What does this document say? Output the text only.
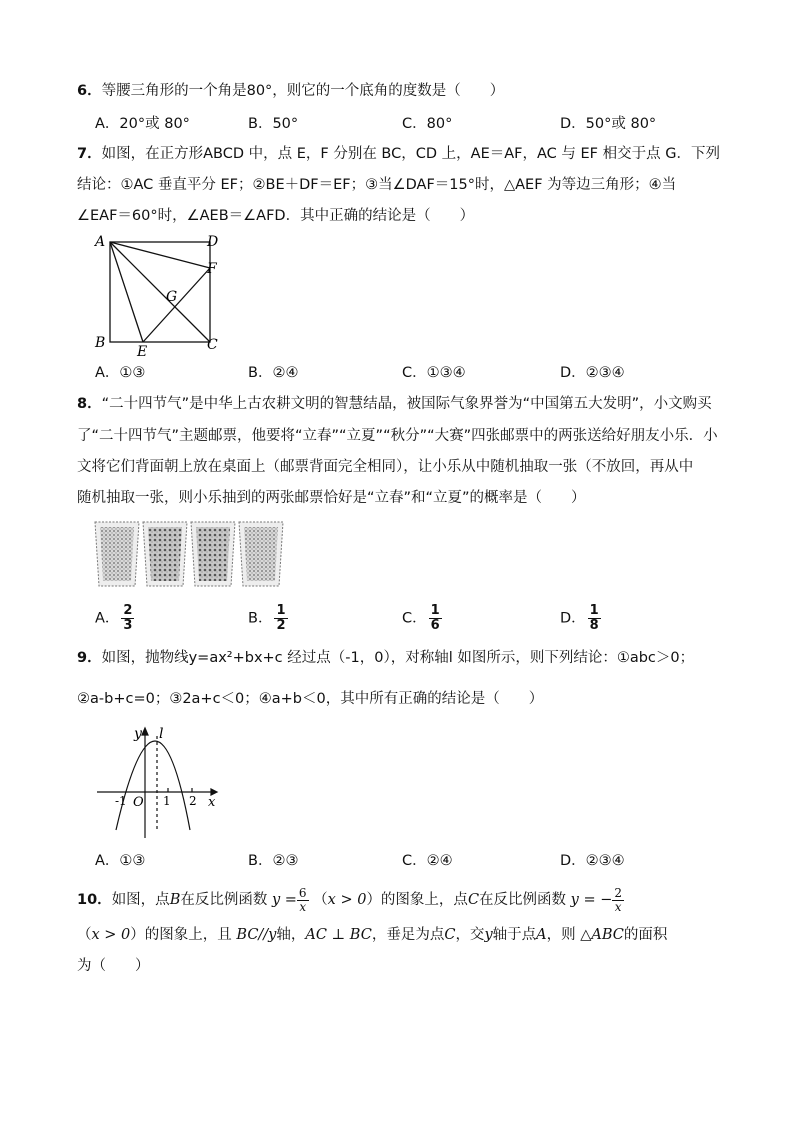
6．等腰三角形的一个角是80°，则它的一个底角的度数是（　　）
A．20°或 80°	B．50°	C．80°	D．50°或 80°
7．如图，在正方形ABCD 中，点 E，F 分别在 BC，CD 上，AE＝AF，AC 与 EF 相交于点 G．下列
结论：①AC 垂直平分 EF；②BE＋DF＝EF；③当∠DAF＝15°时，△AEF 为等边三角形；④当
∠EAF＝60°时，∠AEB＝∠AFD．其中正确的结论是（　　）
A	D
F
G
B	C
E
A．①③	B．②④	C．①③④	D．②③④
8．“二十四节气”是中华上古农耕文明的智慧结晶，被国际气象界誉为“中国第五大发明”，小文购买
了“二十四节气”主题邮票，他要将“立春”“立夏”“秋分”“大赛”四张邮票中的两张送给好朋友小乐．小
文将它们背面朝上放在桌面上（邮票背面完全相同），让小乐从中随机抽取一张（不放回，再从中
随机抽取一张，则小乐抽到的两张邮票恰好是“立春”和“立夏”的概率是（　　）
A． $\frac{2}{3}$	B． $\frac{1}{2}$	C． $\frac{1}{6}$	D． $\frac{1}{8}$
9．如图，抛物线y=ax²+bx+c 经过点（-1，0），对称轴l 如图所示，则下列结论：①abc＞0；
②a-b+c=0；③2a+c＜0；④a+b＜0，其中所有正确的结论是（　　）
y l
x
O
-1	1 2
A．①③	B．②③	C．②④	D．②③④
10．如图，点B在反比例函数 $y = \frac{6}{x} (x > 0)$的图象上，点C在反比例函数 y = − $\frac{2}{x}$
（x > 0）的图象上，且 BC//y轴，AC ⊥ BC，垂足为点C，交y轴于点A，则 △ABC的面积
为（　　）
